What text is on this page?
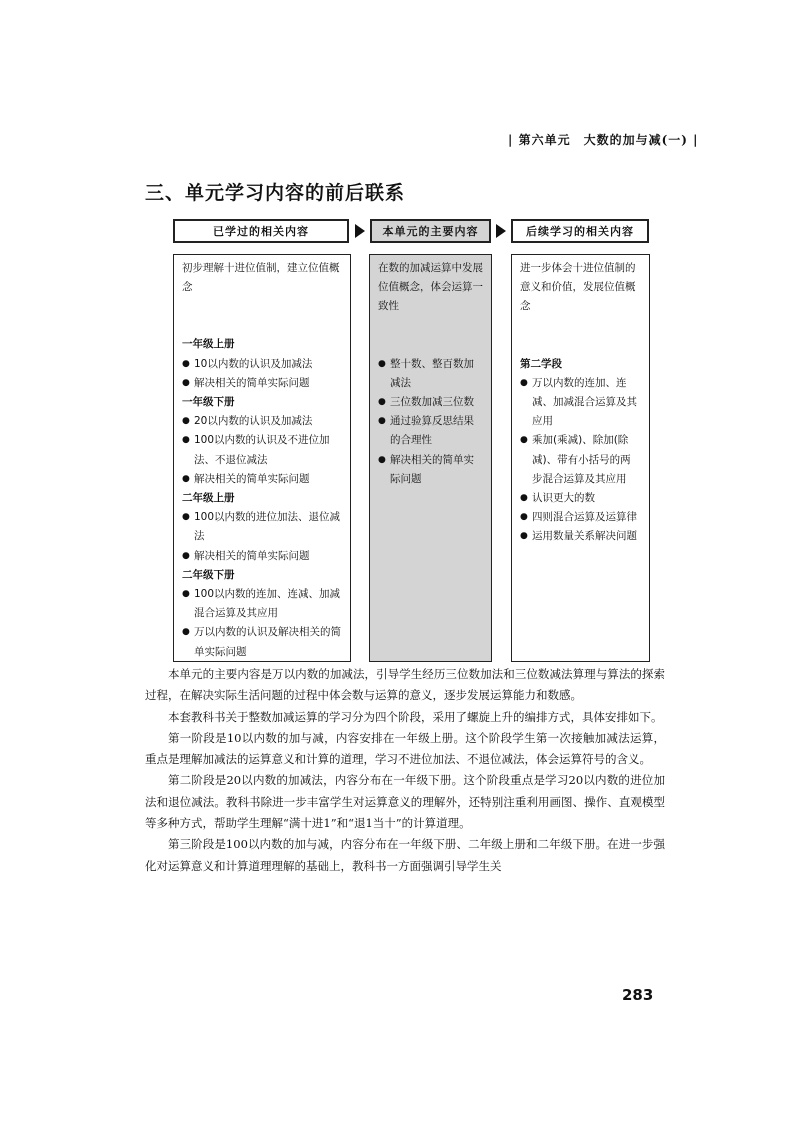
| 第六单元　大数的加与减(一) |
三、单元学习内容的前后联系
已学过的相关内容	本单元的主要内容	后续学习的相关内容

初步理解十进位值制，建立位值概念

一年级上册

● 10以内数的认识及加减法
● 解决相关的简单实际问题

一年级下册

● 20以内数的认识及加减法
● 100以内数的认识及不进位加法、不退位减法
● 解决相关的简单实际问题

二年级上册

● 100以内数的进位加法、退位减法
● 解决相关的简单实际问题

二年级下册

● 100以内数的连加、连减、加减混合运算及其应用
● 万以内数的认识及解决相关的简单实际问题

在数的加减运算中发展位值概念，体会运算一致性

● 整十数、整百数加减法
● 三位数加减三位数
● 通过验算反思结果的合理性
● 解决相关的简单实际问题

进一步体会十进位值制的意义和价值，发展位值概念

第二学段

● 万以内数的连加、连减、加减混合运算及其应用
● 乘加(乘减)、除加(除减)、带有小括号的两步混合运算及其应用
● 认识更大的数
● 四则混合运算及运算律
● 运用数量关系解决问题

本单元的主要内容是万以内数的加减法，引导学生经历三位数加法和三位数减法算理与算法的探索过程，在解决实际生活问题的过程中体会数与运算的意义，逐步发展运算能力和数感。

本套教科书关于整数加减运算的学习分为四个阶段，采用了螺旋上升的编排方式，具体安排如下。

第一阶段是10以内数的加与减，内容安排在一年级上册。这个阶段学生第一次接触加减法运算，重点是理解加减法的运算意义和计算的道理，学习不进位加法、不退位减法，体会运算符号的含义。

第二阶段是20以内数的加减法，内容分布在一年级下册。这个阶段重点是学习20以内数的进位加法和退位减法。教科书除进一步丰富学生对运算意义的理解外，还特别注重利用画图、操作、直观模型等多种方式，帮助学生理解“满十进1”和“退1当十”的计算道理。

第三阶段是100以内数的加与减，内容分布在一年级下册、二年级上册和二年级下册。在进一步强化对运算意义和计算道理理解的基础上，教科书一方面强调引导学生关

283
